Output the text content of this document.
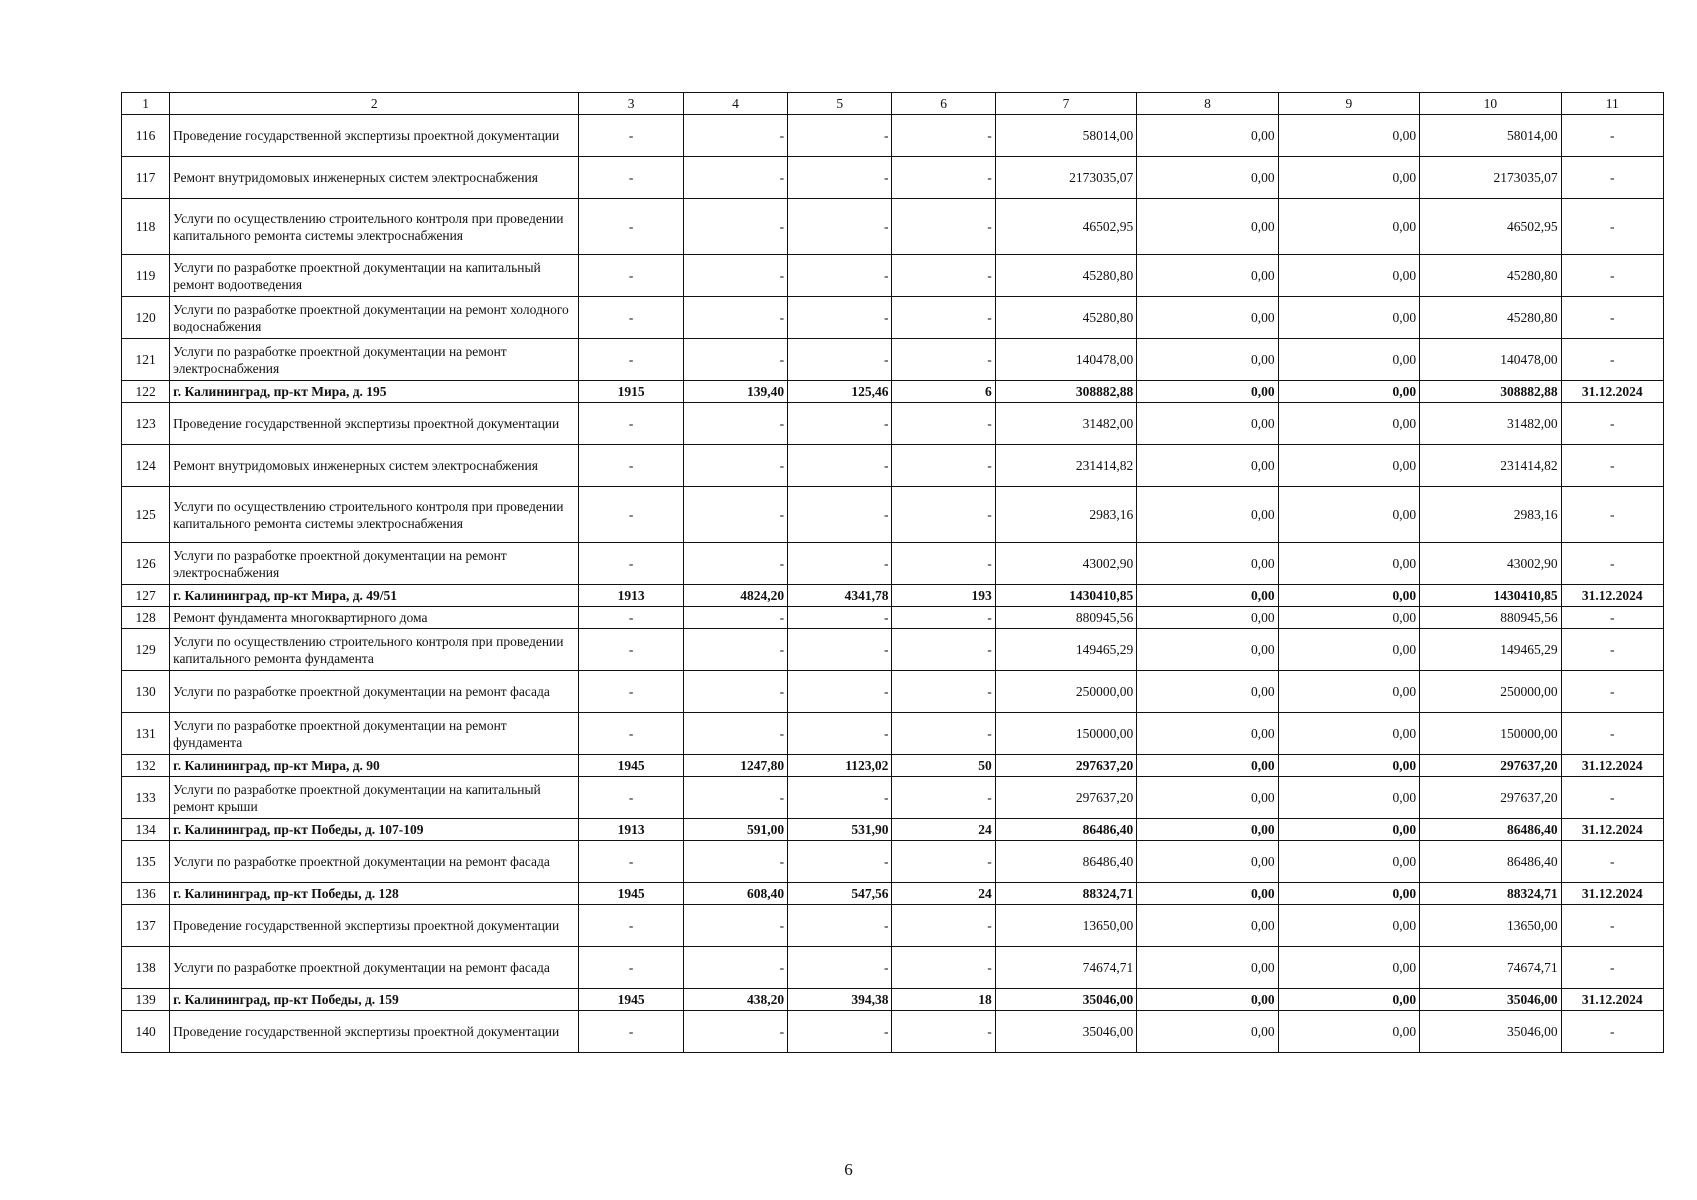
1	2	3	4	5	6	7	8	9	10	11
116	Проведение государственной экспертизы проектной документации	-	-	-	-	58014,00	0,00	0,00	58014,00	-
117	Ремонт внутридомовых инженерных систем электроснабжения	-	-	-	-	2173035,07	0,00	0,00	2173035,07	-
118	Услуги по осуществлению строительного контроля при проведении капитального ремонта системы электроснабжения	-	-	-	-	46502,95	0,00	0,00	46502,95	-
119	Услуги по разработке проектной документации на капитальный ремонт водоотведения	-	-	-	-	45280,80	0,00	0,00	45280,80	-
120	Услуги по разработке проектной документации на ремонт холодного водоснабжения	-	-	-	-	45280,80	0,00	0,00	45280,80	-
121	Услуги по разработке проектной документации на ремонт электроснабжения	-	-	-	-	140478,00	0,00	0,00	140478,00	-
122	г. Калининград, пр-кт Мира, д. 195	1915	139,40	125,46	6	308882,88	0,00	0,00	308882,88	31.12.2024
123	Проведение государственной экспертизы проектной документации	-	-	-	-	31482,00	0,00	0,00	31482,00	-
124	Ремонт внутридомовых инженерных систем электроснабжения	-	-	-	-	231414,82	0,00	0,00	231414,82	-
125	Услуги по осуществлению строительного контроля при проведении капитального ремонта системы электроснабжения	-	-	-	-	2983,16	0,00	0,00	2983,16	-
126	Услуги по разработке проектной документации на ремонт электроснабжения	-	-	-	-	43002,90	0,00	0,00	43002,90	-
127	г. Калининград, пр-кт Мира, д. 49/51	1913	4824,20	4341,78	193	1430410,85	0,00	0,00	1430410,85	31.12.2024
128	Ремонт фундамента многоквартирного дома	-	-	-	-	880945,56	0,00	0,00	880945,56	-
129	Услуги по осуществлению строительного контроля при проведении капитального ремонта фундамента	-	-	-	-	149465,29	0,00	0,00	149465,29	-
130	Услуги по разработке проектной документации на ремонт фасада	-	-	-	-	250000,00	0,00	0,00	250000,00	-
131	Услуги по разработке проектной документации на ремонт фундамента	-	-	-	-	150000,00	0,00	0,00	150000,00	-
132	г. Калининград, пр-кт Мира, д. 90	1945	1247,80	1123,02	50	297637,20	0,00	0,00	297637,20	31.12.2024
133	Услуги по разработке проектной документации на капитальный ремонт крыши	-	-	-	-	297637,20	0,00	0,00	297637,20	-
134	г. Калининград, пр-кт Победы, д. 107-109	1913	591,00	531,90	24	86486,40	0,00	0,00	86486,40	31.12.2024
135	Услуги по разработке проектной документации на ремонт фасада	-	-	-	-	86486,40	0,00	0,00	86486,40	-
136	г. Калининград, пр-кт Победы, д. 128	1945	608,40	547,56	24	88324,71	0,00	0,00	88324,71	31.12.2024
137	Проведение государственной экспертизы проектной документации	-	-	-	-	13650,00	0,00	0,00	13650,00	-
138	Услуги по разработке проектной документации на ремонт фасада	-	-	-	-	74674,71	0,00	0,00	74674,71	-
139	г. Калининград, пр-кт Победы, д. 159	1945	438,20	394,38	18	35046,00	0,00	0,00	35046,00	31.12.2024
140	Проведение государственной экспертизы проектной документации	-	-	-	-	35046,00	0,00	0,00	35046,00	-
6
